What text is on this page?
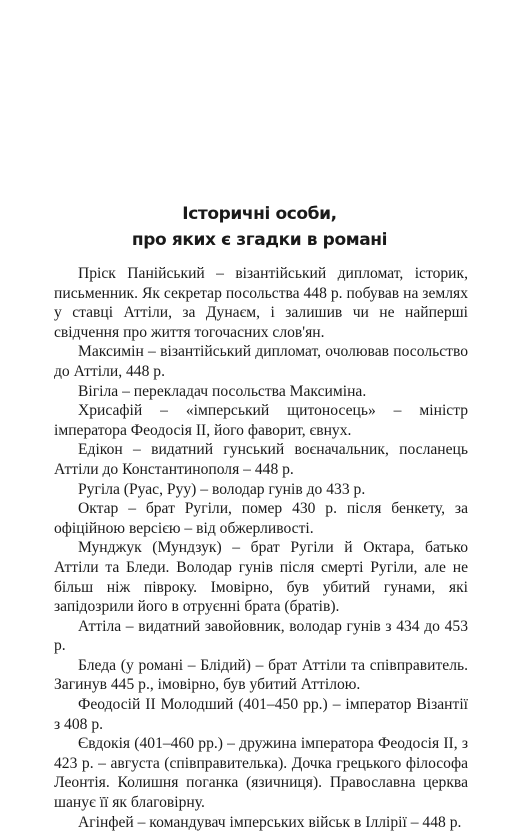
Історичні особи,
про яких є згадки в романі

Пріск Панійський – візантійський дипломат, історик, письменник. Як секретар посольства 448 р. побував на землях у ставці Аттіли, за Дунаєм, і залишив чи не найперші свідчення про життя тогочасних слов'ян.

Максимін – візантійський дипломат, очолював посольство до Аттіли, 448 р.

Вігіла – перекладач посольства Максиміна.

Хрисафій – «імперський щитоносець» – міністр імператора Феодосія II, його фаворит, євнух.

Едікон – видатний гунський воєначальник, посланець Аттіли до Константинополя – 448 р.

Ругіла (Руас, Руу) – володар гунів до 433 р.

Октар – брат Ругіли, помер 430 р. після бенкету, за офіційною версією – від обжерливості.

Мунджук (Мундзук) – брат Ругіли й Октара, батько Аттіли та Бледи. Володар гунів після смерті Ругіли, але не більш ніж півроку. Імовірно, був убитий гунами, які запідозрили його в отруєнні брата (братів).

Аттіла – видатний завойовник, володар гунів з 434 до 453 р.

Бледа (у романі – Блідий) – брат Аттіли та співправитель. Загинув 445 р., імовірно, був убитий Аттілою.

Феодосій II Молодший (401–450 рр.) – імператор Візантії з 408 р.

Євдокія (401–460 рр.) – дружина імператора Феодосія II, з 423 р. – августа (співправителька). Дочка грецького філософа Леонтія. Колишня поганка (язичниця). Православна церква шанує її як благовірну.

Агінфей – командувач імперських військ в Іллірії – 448 р.
